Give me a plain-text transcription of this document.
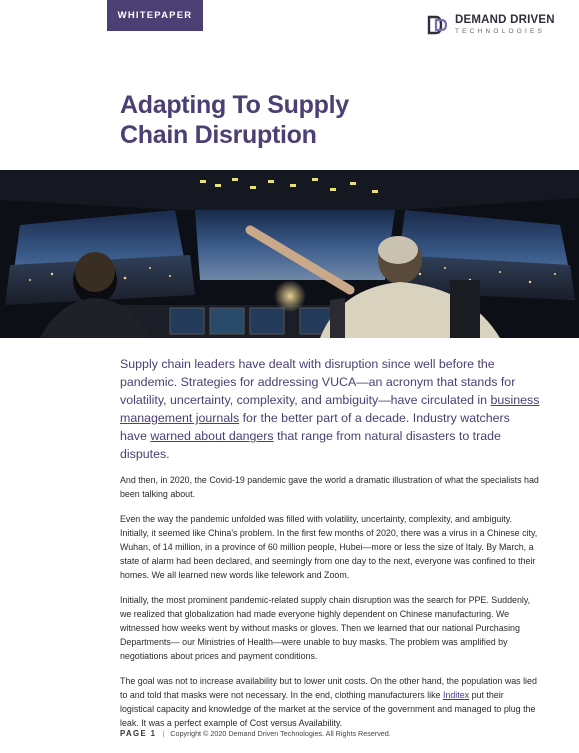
WHITEPAPER	DEMAND DRIVEN
TECHNOLOGIES
Adapting To Supply
Chain Disruption

Supply chain leaders have dealt with disruption since well before the pandemic. Strategies for addressing VUCA—an acronym that stands for volatility, uncertainty, complexity, and ambiguity—have circulated in business management journals for the better part of a decade. Industry watchers have warned about dangers that range from natural disasters to trade disputes.

And then, in 2020, the Covid-19 pandemic gave the world a dramatic illustration of what the specialists had been talking about.

Even the way the pandemic unfolded was filled with volatility, uncertainty, complexity, and ambiguity. Initially, it seemed like China's problem. In the first few months of 2020, there was a virus in a Chinese city, Wuhan, of 14 million, in a province of 60 million people, Hubei—more or less the size of Italy. By March, a state of alarm had been declared, and seemingly from one day to the next, everyone was confined to their homes. We all learned new words like telework and Zoom.

Initially, the most prominent pandemic-related supply chain disruption was the search for PPE. Suddenly, we realized that globalization had made everyone highly dependent on Chinese manufacturing. We witnessed how weeks went by without masks or gloves. Then we learned that our national Purchasing Departments— our Ministries of Health—were unable to buy masks. The problem was amplified by negotiations about prices and payment conditions.

The goal was not to increase availability but to lower unit costs. On the other hand, the population was lied to and told that masks were not necessary. In the end, clothing manufacturers like Inditex put their logistical capacity and knowledge of the market at the service of the government and managed to plug the leak. It was a perfect example of Cost versus Availability.

PAGE 1 | Copyright © 2020 Demand Driven Technologies. All Rights Reserved.
